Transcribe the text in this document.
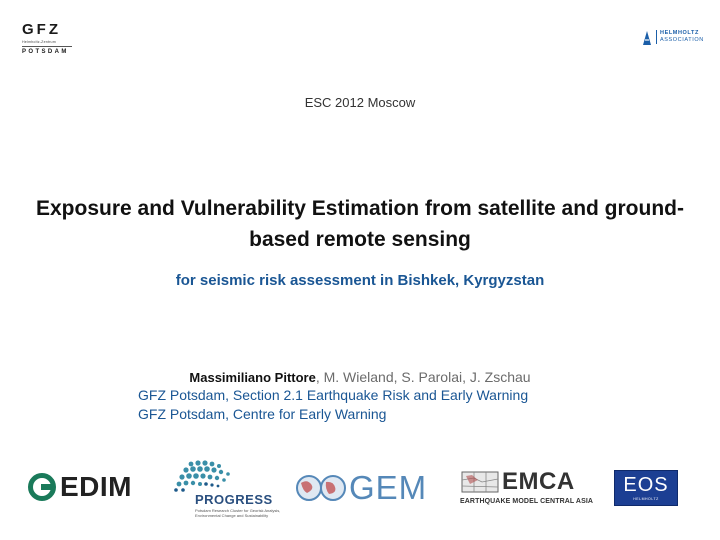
GFZ
Helmholtz-Zentrum
POTSDAM
HELMHOLTZ
ASSOCIATION
ESC 2012 Moscow
Exposure and Vulnerability Estimation from satellite and ground-based remote sensing
for seismic risk assessment in Bishkek, Kyrgyzstan
Massimiliano Pittore, M. Wieland, S. Parolai, J. Zschau
GFZ Potsdam, Section 2.1 Earthquake Risk and Early Warning
GFZ Potsdam, Centre for Early Warning
EDIM	PROGRESS
Potsdam Research Cluster for Georisk Analysis, Environmental Change and Sustainability
GEM	EMCA
EARTHQUAKE MODEL CENTRAL ASIA
EOS
HELMHOLTZ
